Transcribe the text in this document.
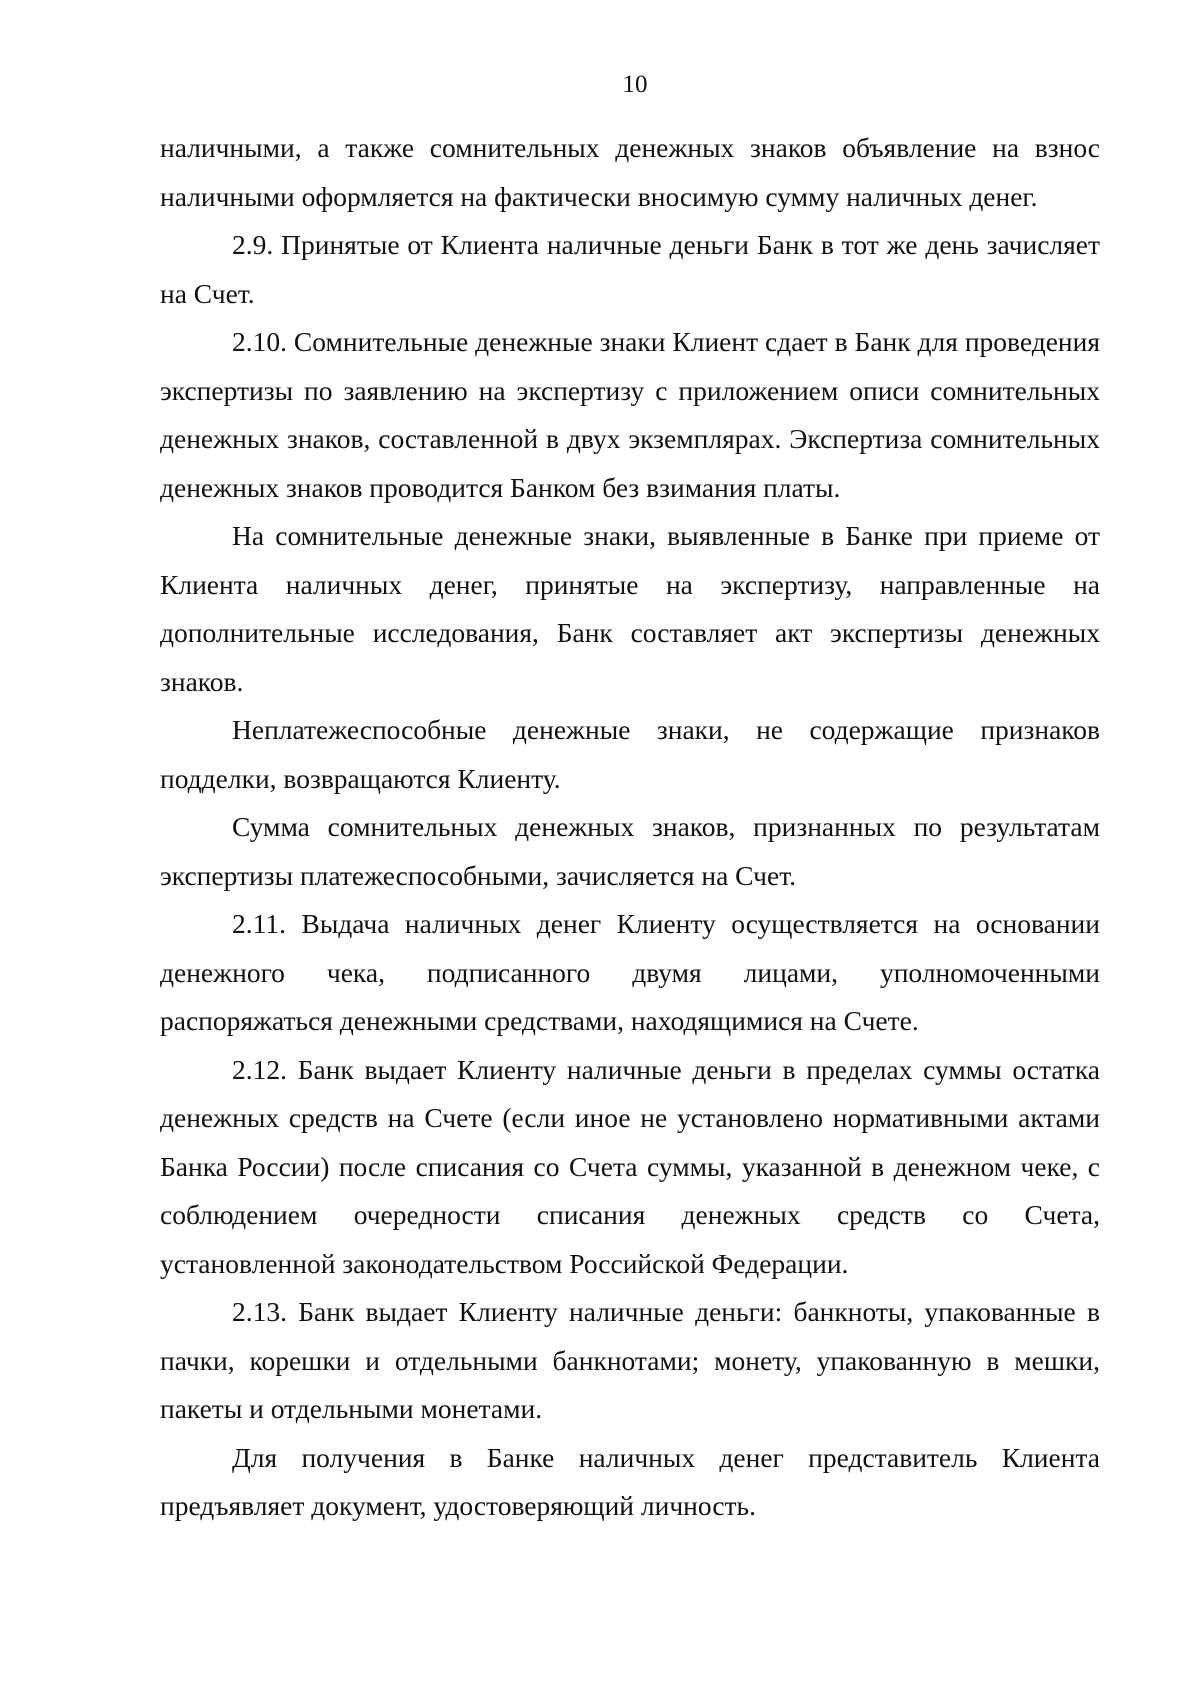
10

наличными, а также сомнительных денежных знаков объявление на взнос наличными оформляется на фактически вносимую сумму наличных денег.

2.9. Принятые от Клиента наличные деньги Банк в тот же день зачисляет на Счет.

2.10. Сомнительные денежные знаки Клиент сдает в Банк для проведения экспертизы по заявлению на экспертизу с приложением описи сомнительных денежных знаков, составленной в двух экземплярах. Экспертиза сомнительных денежных знаков проводится Банком без взимания платы.

На сомнительные денежные знаки, выявленные в Банке при приеме от Клиента наличных денег, принятые на экспертизу, направленные на дополнительные исследования, Банк составляет акт экспертизы денежных знаков.

Неплатежеспособные денежные знаки, не содержащие признаков подделки, возвращаются Клиенту.

Сумма сомнительных денежных знаков, признанных по результатам экспертизы платежеспособными, зачисляется на Счет.

2.11. Выдача наличных денег Клиенту осуществляется на основании денежного чека, подписанного двумя лицами, уполномоченными распоряжаться денежными средствами, находящимися на Счете.

2.12. Банк выдает Клиенту наличные деньги в пределах суммы остатка денежных средств на Счете (если иное не установлено нормативными актами Банка России) после списания со Счета суммы, указанной в денежном чеке, с соблюдением очередности списания денежных средств со Счета, установленной законодательством Российской Федерации.

2.13. Банк выдает Клиенту наличные деньги: банкноты, упакованные в пачки, корешки и отдельными банкнотами; монету, упакованную в мешки, пакеты и отдельными монетами.

Для получения в Банке наличных денег представитель Клиента предъявляет документ, удостоверяющий личность.
